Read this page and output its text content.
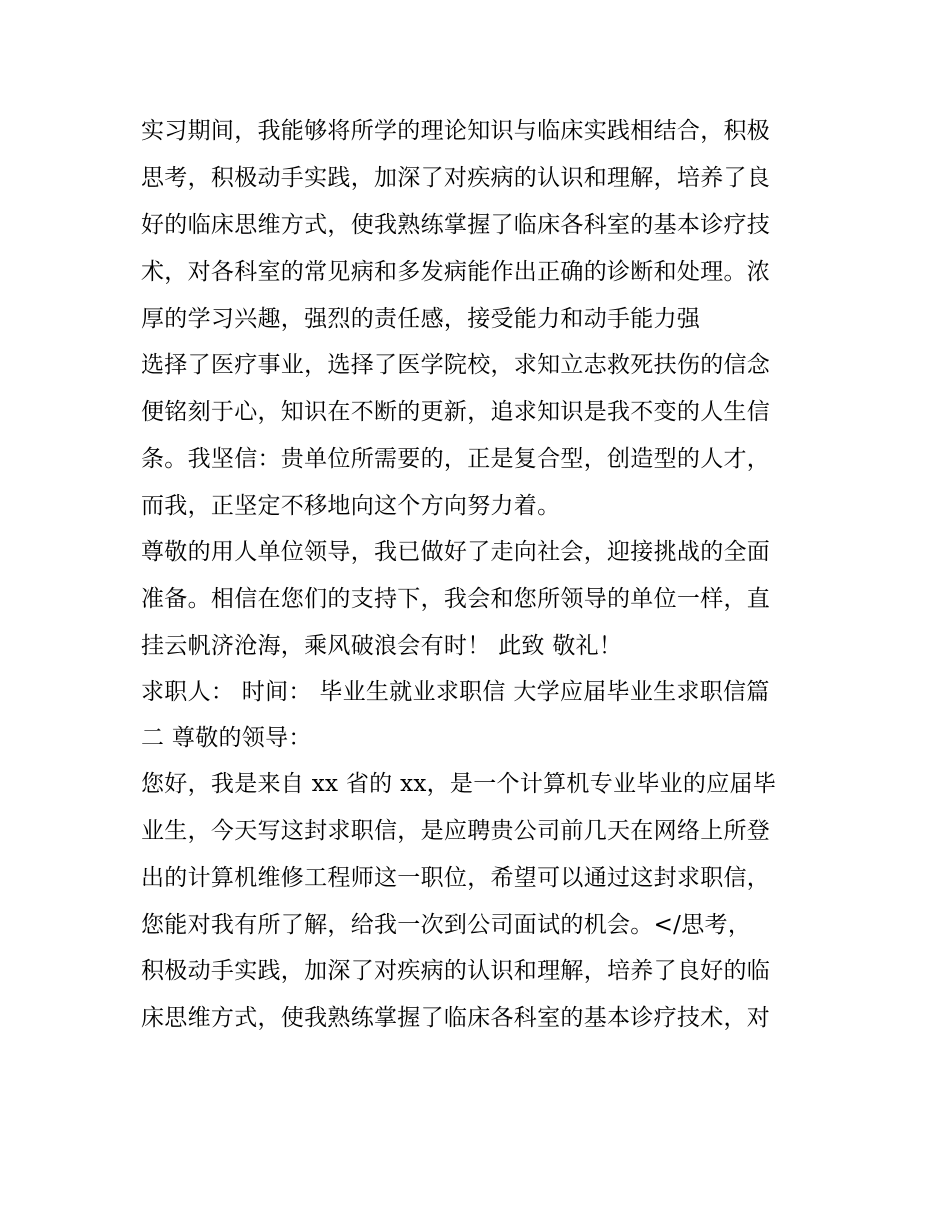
实习期间，我能够将所学的理论知识与临床实践相结合，积极
思考，积极动手实践，加深了对疾病的认识和理解，培养了良
好的临床思维方式，使我熟练掌握了临床各科室的基本诊疗技
术，对各科室的常见病和多发病能作出正确的诊断和处理。浓
厚的学习兴趣，强烈的责任感，接受能力和动手能力强
选择了医疗事业，选择了医学院校，求知立志救死扶伤的信念
便铭刻于心，知识在不断的更新，追求知识是我不变的人生信
条。我坚信：贵单位所需要的，正是复合型，创造型的人才，
而我，正坚定不移地向这个方向努力着。
尊敬的用人单位领导，我已做好了走向社会，迎接挑战的全面
准备。相信在您们的支持下，我会和您所领导的单位一样，直
挂云帆济沧海，乘风破浪会有时！ 此致 敬礼！
求职人： 时间： 毕业生就业求职信 大学应届毕业生求职信篇
二 尊敬的领导：
您好，我是来自 xx 省的 xx，是一个计算机专业毕业的应届毕
业生，今天写这封求职信，是应聘贵公司前几天在网络上所登
出的计算机维修工程师这一职位，希望可以通过这封求职信，
您能对我有所了解，给我一次到公司面试的机会。</思考，
积极动手实践，加深了对疾病的认识和理解，培养了良好的临
床思维方式，使我熟练掌握了临床各科室的基本诊疗技术，对
